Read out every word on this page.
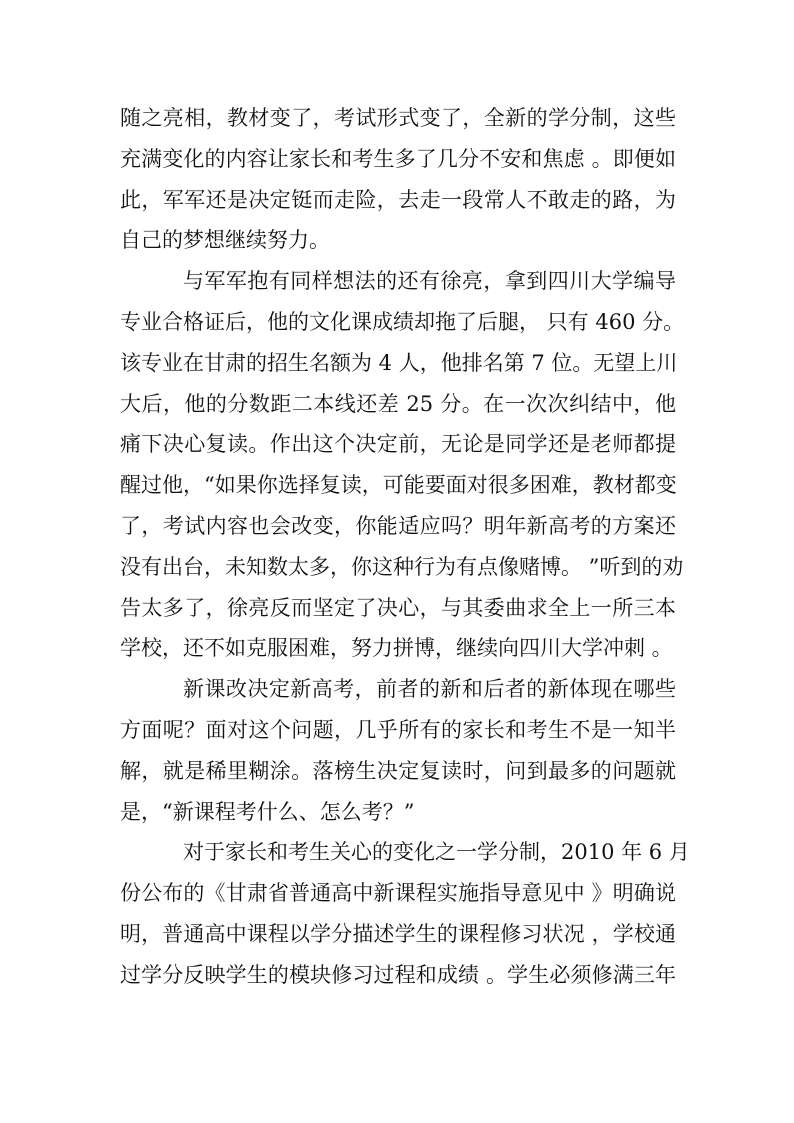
随之亮相，教材变了，考试形式变了，全新的学分制，这些
充满变化的内容让家长和考生多了几分不安和焦虑 。即便如
此，军军还是决定铤而走险，去走一段常人不敢走的路，为
自己的梦想继续努力。
与军军抱有同样想法的还有徐亮，拿到四川大学编导
专业合格证后，他的文化课成绩却拖了后腿， 只有 460 分。
该专业在甘肃的招生名额为 4 人，他排名第 7 位。无望上川
大后，他的分数距二本线还差 25 分。在一次次纠结中，他
痛下决心复读。作出这个决定前，无论是同学还是老师都提
醒过他，“如果你选择复读，可能要面对很多困难，教材都变
了，考试内容也会改变，你能适应吗？明年新高考的方案还
没有出台，未知数太多，你这种行为有点像赌博。 ”听到的劝
告太多了，徐亮反而坚定了决心，与其委曲求全上一所三本
学校，还不如克服困难，努力拼博，继续向四川大学冲刺 。
新课改决定新高考，前者的新和后者的新体现在哪些
方面呢？面对这个问题，几乎所有的家长和考生不是一知半
解，就是稀里糊涂。落榜生决定复读时，问到最多的问题就
是，“新课程考什么、怎么考？”
对于家长和考生关心的变化之一学分制，2010 年 6 月
份公布的《甘肃省普通高中新课程实施指导意见中 》明确说
明，普通高中课程以学分描述学生的课程修习状况 ，学校通
过学分反映学生的模块修习过程和成绩 。学生必须修满三年
